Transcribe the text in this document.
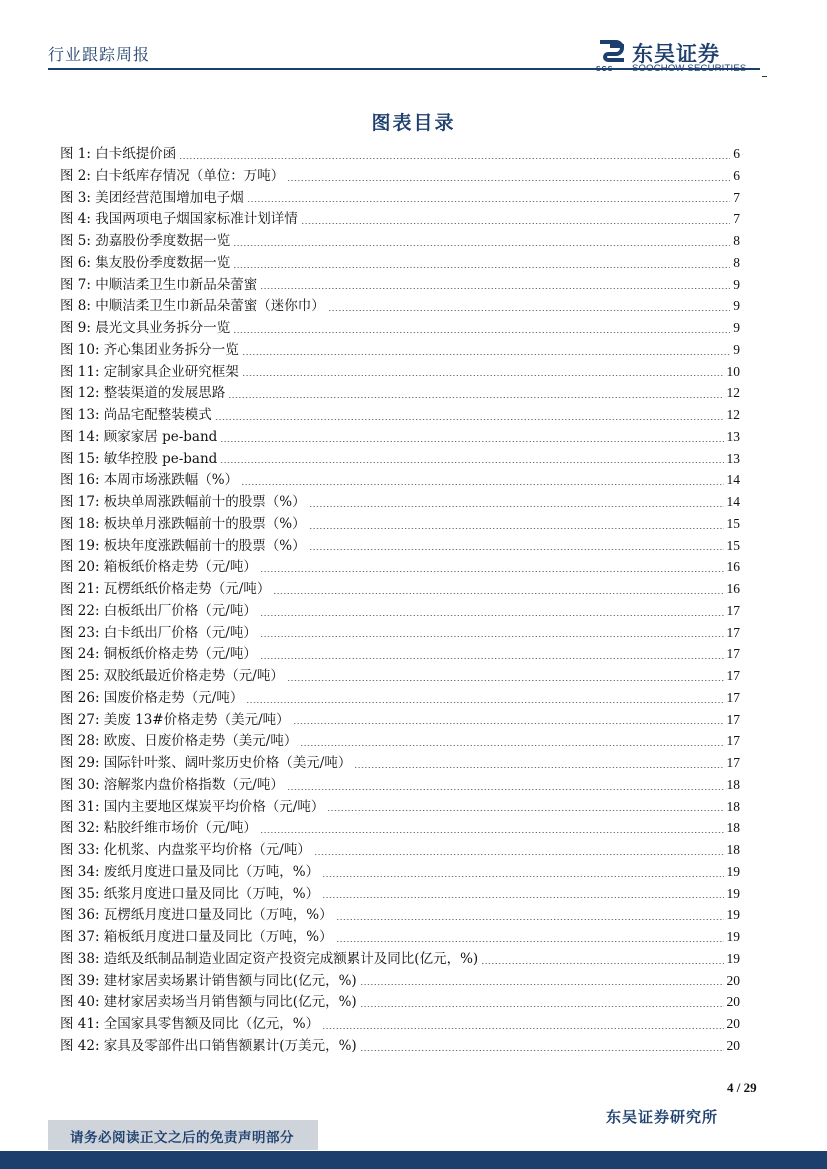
行业跟踪周报
SCS
东吴证券
SOOCHOW SECURITIES
图表目录
图 1: 白卡纸提价函	6
图 2: 白卡纸库存情况（单位：万吨）	6
图 3: 美团经营范围增加电子烟	7
图 4: 我国两项电子烟国家标准计划详情	7
图 5: 劲嘉股份季度数据一览	8
图 6: 集友股份季度数据一览	8
图 7: 中顺洁柔卫生巾新品朵蕾蜜	9
图 8: 中顺洁柔卫生巾新品朵蕾蜜（迷你巾）	9
图 9: 晨光文具业务拆分一览	9
图 10: 齐心集团业务拆分一览	9
图 11: 定制家具企业研究框架	10
图 12: 整装渠道的发展思路	12
图 13: 尚品宅配整装模式	12
图 14: 顾家家居 pe-band	13
图 15: 敏华控股 pe-band	13
图 16: 本周市场涨跌幅（%）	14
图 17: 板块单周涨跌幅前十的股票（%）	14
图 18: 板块单月涨跌幅前十的股票（%）	15
图 19: 板块年度涨跌幅前十的股票（%）	15
图 20: 箱板纸价格走势（元/吨）	16
图 21: 瓦楞纸纸价格走势（元/吨）	16
图 22: 白板纸出厂价格（元/吨）	17
图 23: 白卡纸出厂价格（元/吨）	17
图 24: 铜板纸价格走势（元/吨）	17
图 25: 双胶纸最近价格走势（元/吨）	17
图 26: 国废价格走势（元/吨）	17
图 27: 美废 13#价格走势（美元/吨）	17
图 28: 欧废、日废价格走势（美元/吨）	17
图 29: 国际针叶浆、阔叶浆历史价格（美元/吨）	17
图 30: 溶解浆内盘价格指数（元/吨）	18
图 31: 国内主要地区煤炭平均价格（元/吨）	18
图 32: 粘胶纤维市场价（元/吨）	18
图 33: 化机浆、内盘浆平均价格（元/吨）	18
图 34: 废纸月度进口量及同比（万吨，%）	19
图 35: 纸浆月度进口量及同比（万吨，%）	19
图 36: 瓦楞纸月度进口量及同比（万吨，%）	19
图 37: 箱板纸月度进口量及同比（万吨，%）	19
图 38: 造纸及纸制品制造业固定资产投资完成额累计及同比(亿元，%)	19
图 39: 建材家居卖场累计销售额与同比(亿元，%)	20
图 40: 建材家居卖场当月销售额与同比(亿元，%)	20
图 41: 全国家具零售额及同比（亿元，%）	20
图 42: 家具及零部件出口销售额累计(万美元，%)	20
4 / 29
东吴证券研究所
请务必阅读正文之后的免责声明部分
